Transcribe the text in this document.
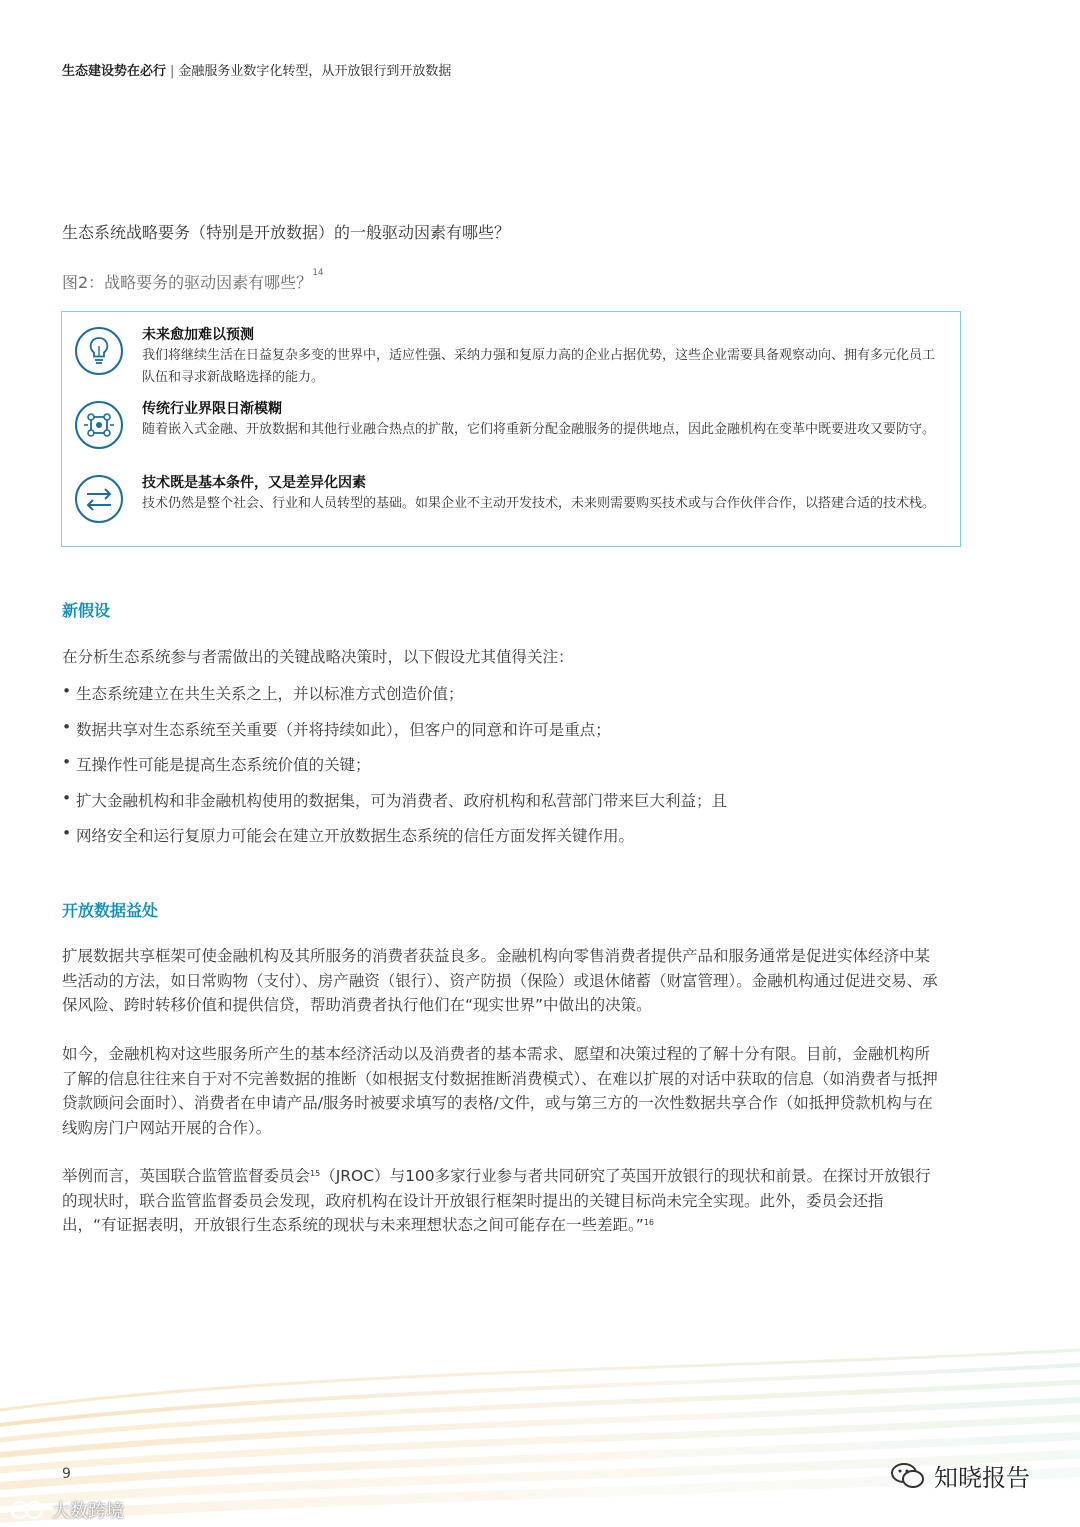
生态建设势在必行 | 金融服务业数字化转型，从开放银行到开放数据
生态系统战略要务（特别是开放数据）的一般驱动因素有哪些？
图2：战略要务的驱动因素有哪些？$^{14}$
未来愈加难以预测
我们将继续生活在日益复杂多变的世界中，适应性强、采纳力强和复原力高的企业占据优势，这些企业需要具备观察动向、拥有多元化员工队伍和寻求新战略选择的能力。
传统行业界限日渐模糊
随着嵌入式金融、开放数据和其他行业融合热点的扩散，它们将重新分配金融服务的提供地点，因此金融机构在变革中既要进攻又要防守。
技术既是基本条件，又是差异化因素
技术仍然是整个社会、行业和人员转型的基础。如果企业不主动开发技术，未来则需要购买技术或与合作伙伴合作，以搭建合适的技术栈。
新假设
在分析生态系统参与者需做出的关键战略决策时，以下假设尤其值得关注：
• 生态系统建立在共生关系之上，并以标准方式创造价值；
• 数据共享对生态系统至关重要（并将持续如此），但客户的同意和许可是重点；
• 互操作性可能是提高生态系统价值的关键；
• 扩大金融机构和非金融机构使用的数据集，可为消费者、政府机构和私营部门带来巨大利益；且
• 网络安全和运行复原力可能会在建立开放数据生态系统的信任方面发挥关键作用。
开放数据益处
扩展数据共享框架可使金融机构及其所服务的消费者获益良多。金融机构向零售消费者提供产品和服务通常是促进实体经济中某些活动的方法，如日常购物（支付）、房产融资（银行）、资产防损（保险）或退休储蓄（财富管理）。金融机构通过促进交易、承保风险、跨时转移价值和提供信贷，帮助消费者执行他们在“现实世界”中做出的决策。
如今，金融机构对这些服务所产生的基本经济活动以及消费者的基本需求、愿望和决策过程的了解十分有限。目前，金融机构所了解的信息往往来自于对不完善数据的推断（如根据支付数据推断消费模式）、在难以扩展的对话中获取的信息（如消费者与抵押贷款顾问会面时）、消费者在申请产品/服务时被要求填写的表格/文件，或与第三方的一次性数据共享合作（如抵押贷款机构与在线购房门户网站开展的合作）。
举例而言，英国联合监管监督委员会$^{15}$（JROC）与100多家行业参与者共同研究了英国开放银行的现状和前景。在探讨开放银行的现状时，联合监管监督委员会发现，政府机构在设计开放银行框架时提出的关键目标尚未完全实现。此外，委员会还指出，“有证据表明，开放银行生态系统的现状与未来理想状态之间可能存在一些差距。”$^{16}$
9	知晓报告
大数跨境
